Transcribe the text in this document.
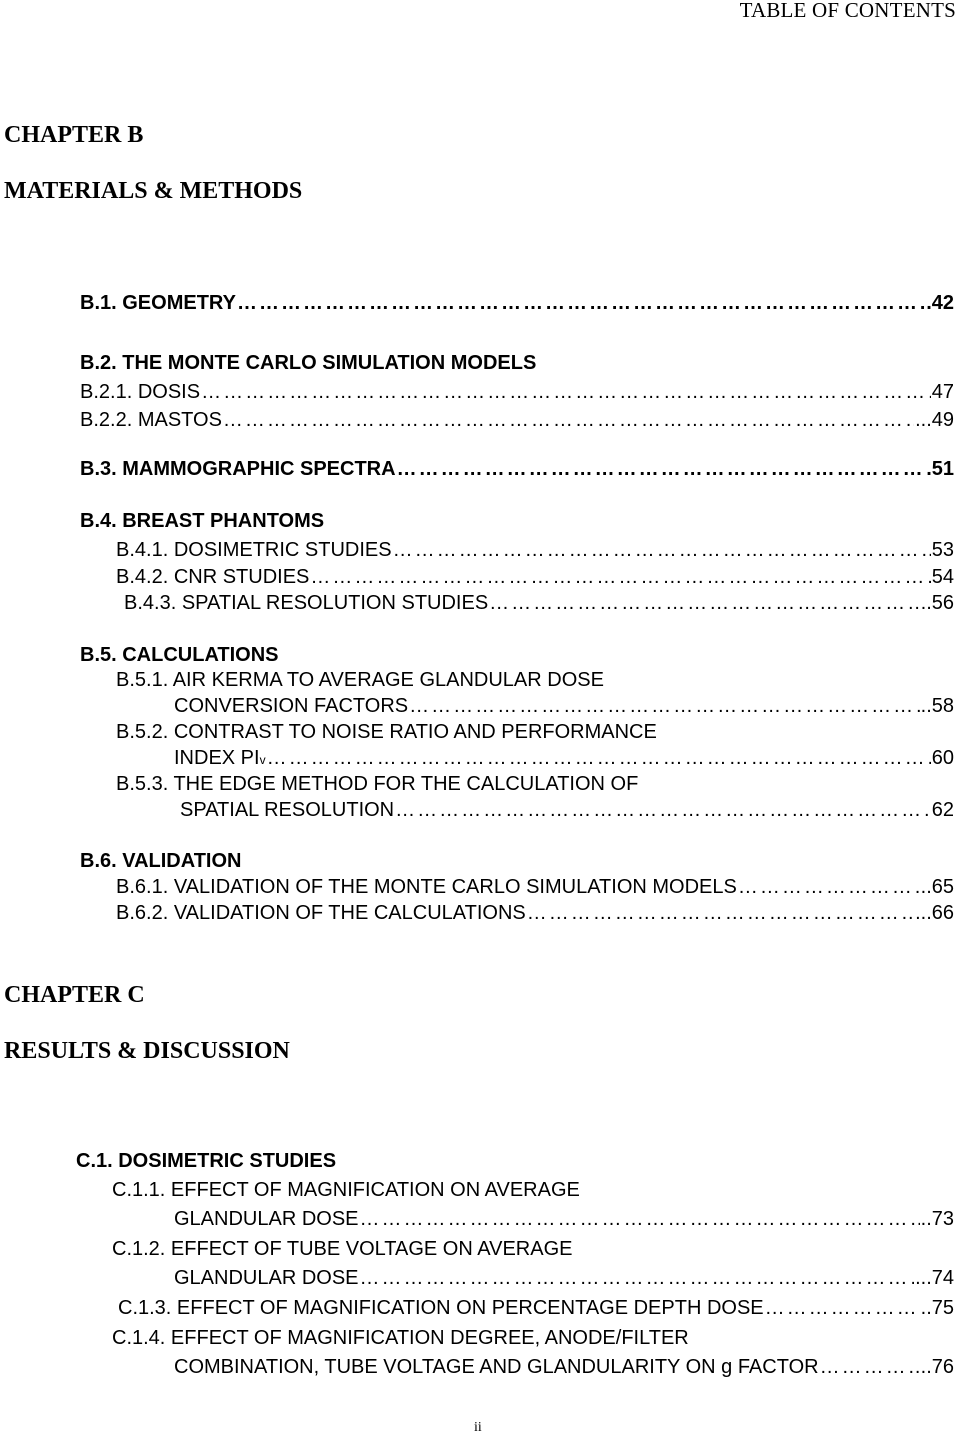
TABLE OF CONTENTS
CHAPTER B
MATERIALS & METHODS
B.1. GEOMETRY ………………………………………………………………………………………………………………………………………………………………	.42
B.2. THE MONTE CARLO SIMULATION MODELS
B.2.1. DOSIS ………………………………………………………………………………………………………………………………………………………………	47
B.2.2. MASTOS ………………………………………………………………………………………………………………………………………………………………	...49
B.3. MAMMOGRAPHIC SPECTRA ………………………………………………………………………………………………………………………………………………………………	.51
B.4. BREAST PHANTOMS
B.4.1. DOSIMETRIC STUDIES ………………………………………………………………………………………………………………………………………………………………	53
B.4.2. CNR STUDIES ………………………………………………………………………………………………………………………………………………………………	54
B.4.3. SPATIAL RESOLUTION STUDIES ………………………………………………………………………………………………………………………………………………………………	.56
B.5. CALCULATIONS
B.5.1. AIR KERMA TO AVERAGE GLANDULAR DOSE
CONVERSION FACTORS ………………………………………………………………………………………………………………………………………………………………	..58
B.5.2. CONTRAST TO NOISE RATIO AND PERFORMANCE
INDEX PI v ………………………………………………………………………………………………………………………………………………………………	60
B.5.3. THE EDGE METHOD FOR THE CALCULATION OF
SPATIAL RESOLUTION ………………………………………………………………………………………………………………………………………………………………	62
B.6. VALIDATION
B.6.1. VALIDATION OF THE MONTE CARLO SIMULATION MODELS ………………………………………………………………………………………………………………………………………………………………	..65
B.6.2. VALIDATION OF THE CALCULATIONS ………………………………………………………………………………………………………………………………………………………………	...66
CHAPTER C
RESULTS & DISCUSSION
C.1. DOSIMETRIC STUDIES
C.1.1. EFFECT OF MAGNIFICATION ON AVERAGE
GLANDULAR DOSE ………………………………………………………………………………………………………………………………………………………………	..73
C.1.2. EFFECT OF TUBE VOLTAGE ON AVERAGE
GLANDULAR DOSE ………………………………………………………………………………………………………………………………………………………………	...74
C.1.3. EFFECT OF MAGNIFICATION ON PERCENTAGE DEPTH DOSE ………………………………………………………………………………………………………………………………………………………………	..75
C.1.4. EFFECT OF MAGNIFICATION DEGREE, ANODE/FILTER
COMBINATION, TUBE VOLTAGE AND GLANDULARITY ON g FACTOR ………………………………………………………………………………………………………………………………………………………………	..76
ii
